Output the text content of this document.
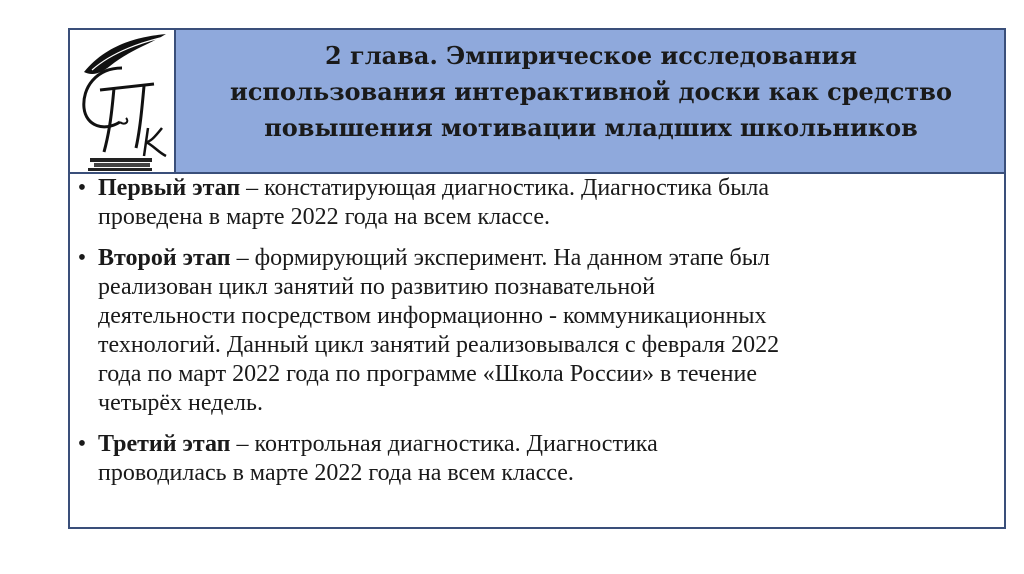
2 глава. Эмпирическое исследования
использования интерактивной доски как средство
повышения мотивации младших школьников
• Первый этап – констатирующая диагностика. Диагностика была
проведена в марте 2022 года на всем классе.
• Второй этап – формирующий эксперимент. На данном этапе был
реализован цикл занятий по развитию познавательной
деятельности посредством информационно - коммуникационных
технологий. Данный цикл занятий реализовывался с февраля 2022
года по март 2022 года по программе «Школа России» в течение
четырёх недель.
• Третий этап – контрольная диагностика. Диагностика
проводилась в марте 2022 года на всем классе.
